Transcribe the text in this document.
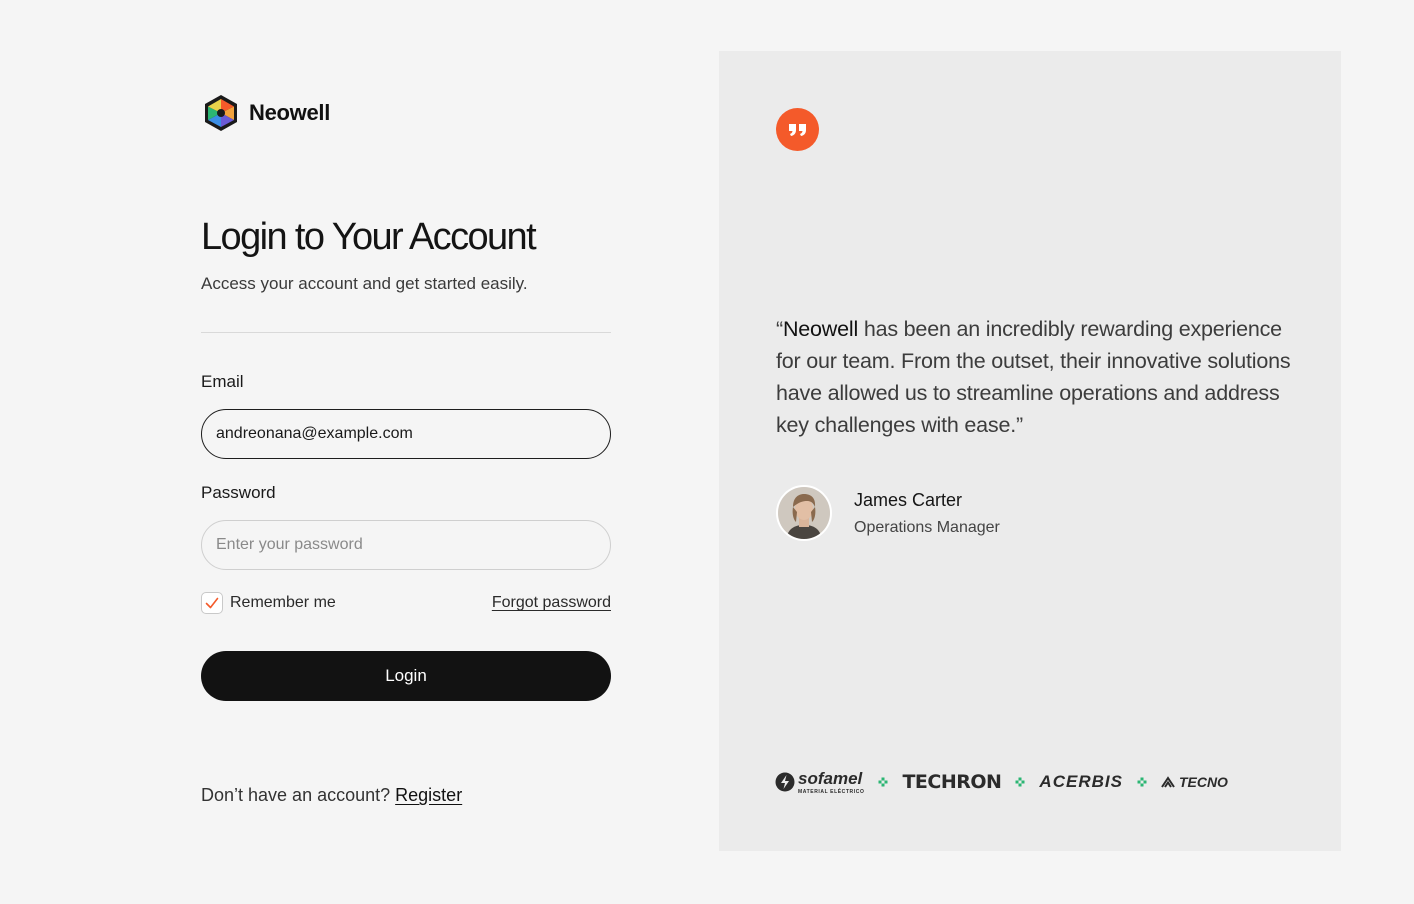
Neowell
Login to Your Account

Access your account and get started easily.

Email
andreonana@example.com
Password
Remember me	Forgot password
Login
Don’t have an account? Register

“Neowell has been an incredibly rewarding experience for our team. From the outset, their innovative solutions have allowed us to streamline operations and address key challenges with ease.”

James Carter
Operations Manager
sofamel
MATERIAL ELÉCTRICO TECHRON ACERBIS	TECNO
